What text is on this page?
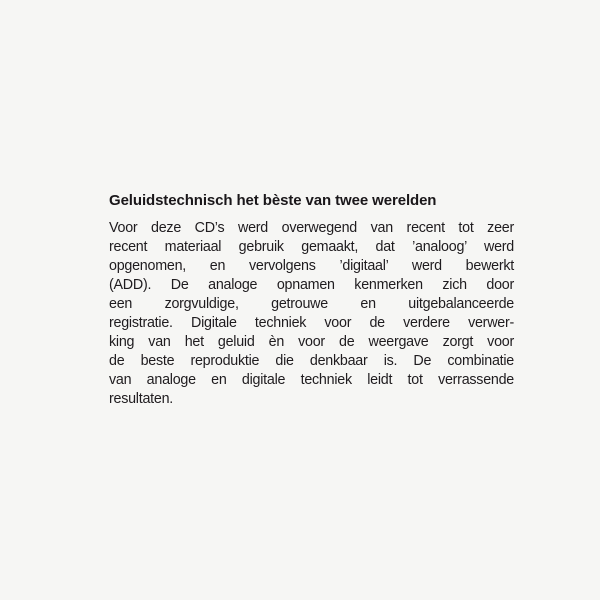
Geluidstechnisch het bèste van twee werelden
Voor deze CD’s werd overwegend van recent tot zeer
recent materiaal gebruik gemaakt, dat ’analoog’ werd
opgenomen, en vervolgens ’digitaal’ werd bewerkt
(ADD). De analoge opnamen kenmerken zich door
een zorgvuldige, getrouwe en uitgebalanceerde
registratie. Digitale techniek voor de verdere verwer-
king van het geluid èn voor de weergave zorgt voor
de beste reproduktie die denkbaar is. De combinatie
van analoge en digitale techniek leidt tot verrassende
resultaten.
